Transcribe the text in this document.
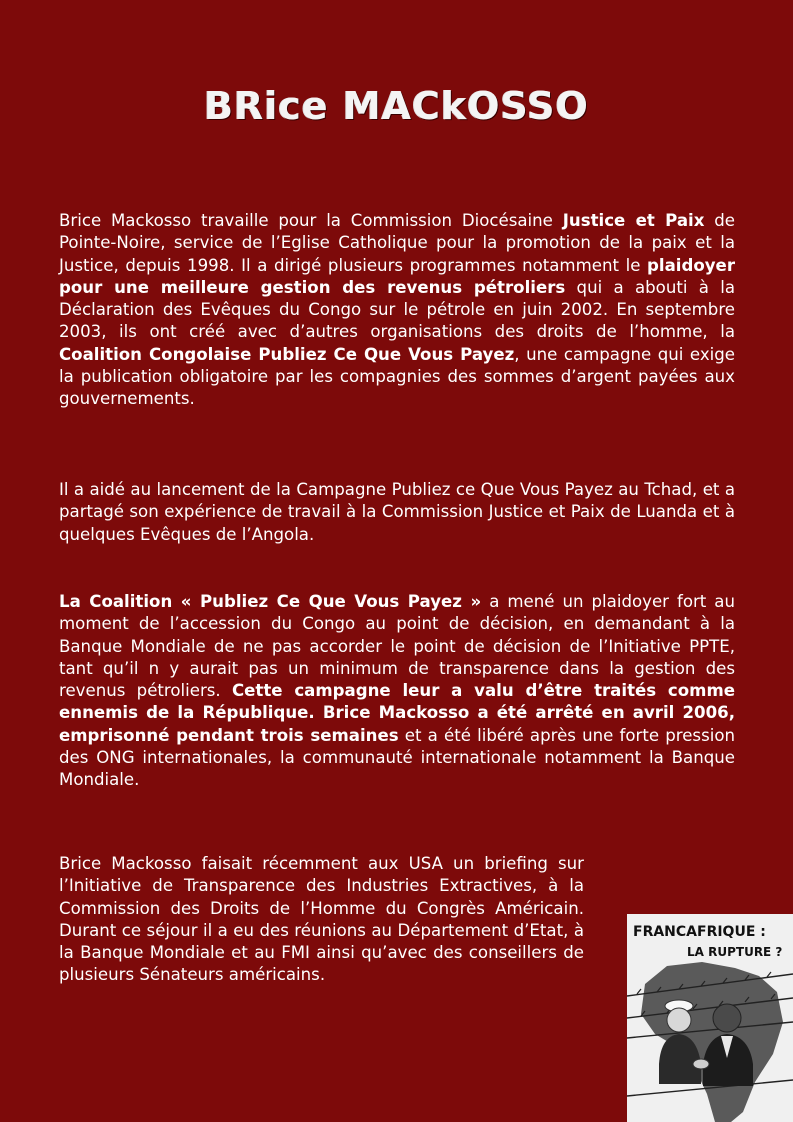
BRice MACkOSSO
Brice Mackosso travaille pour la Commission Diocésaine Justice et Paix de Pointe-Noire, service de l’Eglise Catholique pour la promotion de la paix et la Justice, depuis 1998. Il a dirigé plusieurs programmes notamment le plaidoyer pour une meilleure gestion des revenus pétroliers qui a abouti à la Déclaration des Evêques du Congo sur le pétrole en juin 2002. En septembre 2003, ils ont créé avec d’autres organisations des droits de l’homme, la Coalition Congolaise Publiez Ce Que Vous Payez, une campagne qui exige la publication obligatoire par les compagnies des sommes d’argent payées aux gouvernements.
Il a aidé au lancement de la Campagne Publiez ce Que Vous Payez au Tchad, et a partagé son expérience de travail à la Commission Justice et Paix de Luanda et à quelques Evêques de l’Angola.
La Coalition « Publiez Ce Que Vous Payez » a mené un plaidoyer fort au moment de l’accession du Congo au point de décision, en demandant à la Banque Mondiale de ne pas accorder le point de décision de l’Initiative PPTE, tant qu’il n y aurait pas un minimum de transparence dans la gestion des revenus pétroliers. Cette campagne leur a valu d’être traités comme ennemis de la République. Brice Mackosso a été arrêté en avril 2006, emprisonné pendant trois semaines et a été libéré après une forte pression des ONG internationales, la communauté internationale notamment la Banque Mondiale.
Brice Mackosso faisait récemment aux USA un briefing sur l’Initiative de Transparence des Industries Extractives, à la Commission des Droits de l’Homme du Congrès Américain. Durant ce séjour il a eu des réunions au Département d’Etat, à la Banque Mondiale et au FMI ainsi qu’avec des conseillers de plusieurs Sénateurs américains.
FRANCAFRIQUE :
LA RUPTURE ?
